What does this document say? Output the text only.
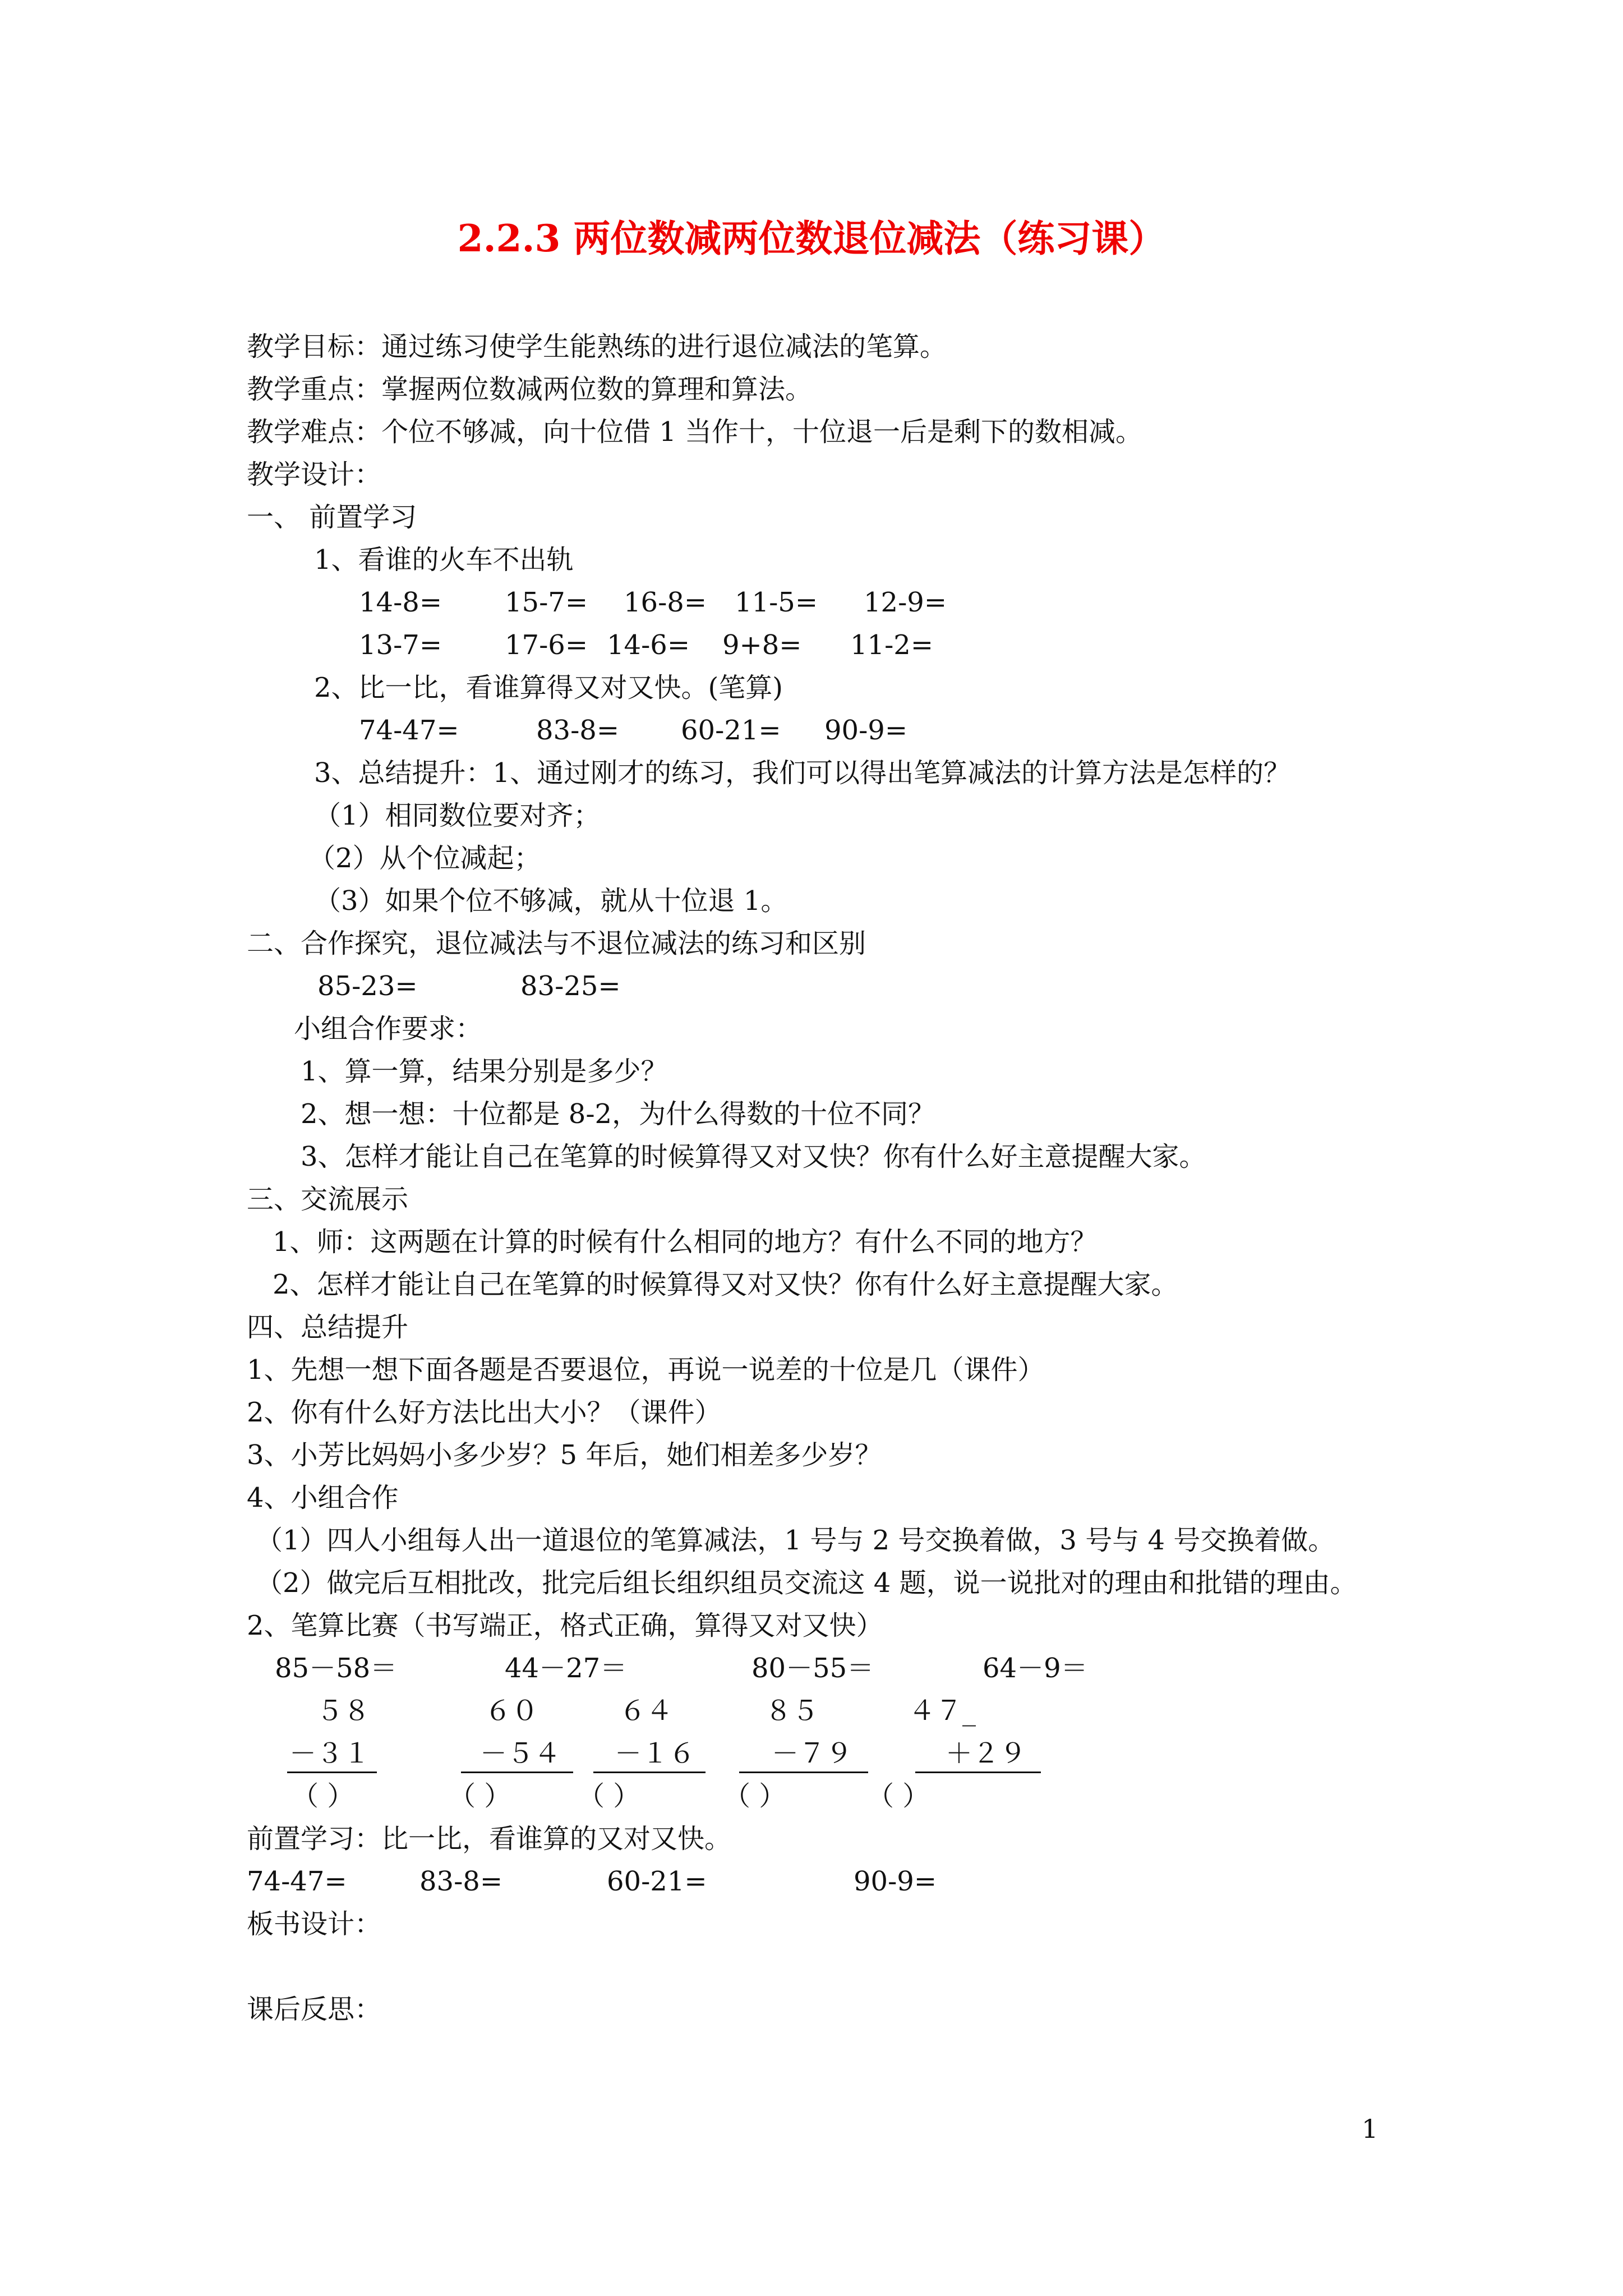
2.2.3 两位数减两位数退位减法（练习课）
教学目标：通过练习使学生能熟练的进行退位减法的笔算。
教学重点：掌握两位数减两位数的算理和算法。
教学难点：个位不够减，向十位借 1 当作十，十位退一后是剩下的数相减。
教学设计：
一、 前置学习
1、看谁的火车不出轨
14-8= 15-7= 16-8= 11-5= 12-9=
13-7= 17-6= 14-6= 9+8= 11-2=
2、比一比，看谁算得又对又快。(笔算)
74-47=	83-8= 60-21= 90-9=
3、总结提升：1、通过刚才的练习，我们可以得出笔算减法的计算方法是怎样的？
（1）相同数位要对齐；
（2）从个位减起；
（3）如果个位不够减，就从十位退 1。
二、合作探究，退位减法与不退位减法的练习和区别
85-23=	83-25=
小组合作要求：
1、算一算，结果分别是多少？
2、想一想：十位都是 8-2，为什么得数的十位不同？
3、怎样才能让自己在笔算的时候算得又对又快？你有什么好主意提醒大家。
三、交流展示
1、师：这两题在计算的时候有什么相同的地方？有什么不同的地方？
2、怎样才能让自己在笔算的时候算得又对又快？你有什么好主意提醒大家。
四、总结提升
1、先想一想下面各题是否要退位，再说一说差的十位是几（课件）
2、你有什么好方法比出大小？（课件）
3、小芳比妈妈小多少岁？5 年后，她们相差多少岁？
4、小组合作
（1）四人小组每人出一道退位的笔算减法，1 号与 2 号交换着做，3 号与 4 号交换着做。
（2）做完后互相批改，批完后组长组织组员交流这 4 题，说一说批对的理由和批错的理由。
2、笔算比赛（书写端正，格式正确，算得又对又快）
85－58＝	44－27＝	80－55＝	64－9＝
５８
－３１
６０
－５４
６４
－１６
８５
－７９
４７_
＋２９
（ ）	（ ） （ ）	（ ）	（ ）
前置学习：比一比，看谁算的又对又快。
74-47=	83-8=	60-21=	90-9=
板书设计：
课后反思：
1
